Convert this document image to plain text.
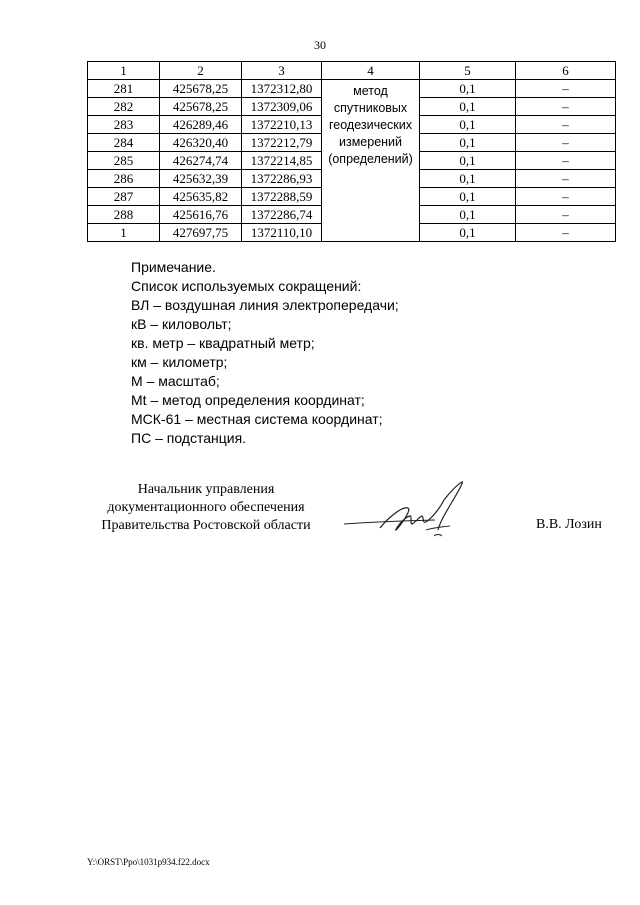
30
1	2	3	4	5	6
281	425678,25	1372312,80	метод
спутниковых
геодезических
измерений
(определений)	0,1	–
282	425678,25	1372309,06		0,1	–
283	426289,46	1372210,13		0,1	–
284	426320,40	1372212,79		0,1	–
285	426274,74	1372214,85		0,1	–
286	425632,39	1372286,93		0,1	–
287	425635,82	1372288,59		0,1	–
288	425616,76	1372286,74		0,1	–
1	427697,75	1372110,10		0,1	–
Примечание.
Список используемых сокращений:
ВЛ – воздушная линия электропередачи;
кВ – киловольт;
кв. метр – квадратный метр;
км – километр;
М – масштаб;
Mt – метод определения координат;
МСК-61 – местная система координат;
ПС – подстанция.
Начальник управления
документационного обеспечения
Правительства Ростовской области	В.В. Лозин
Y:\ORST\Ppo\1031p934.f22.docx
